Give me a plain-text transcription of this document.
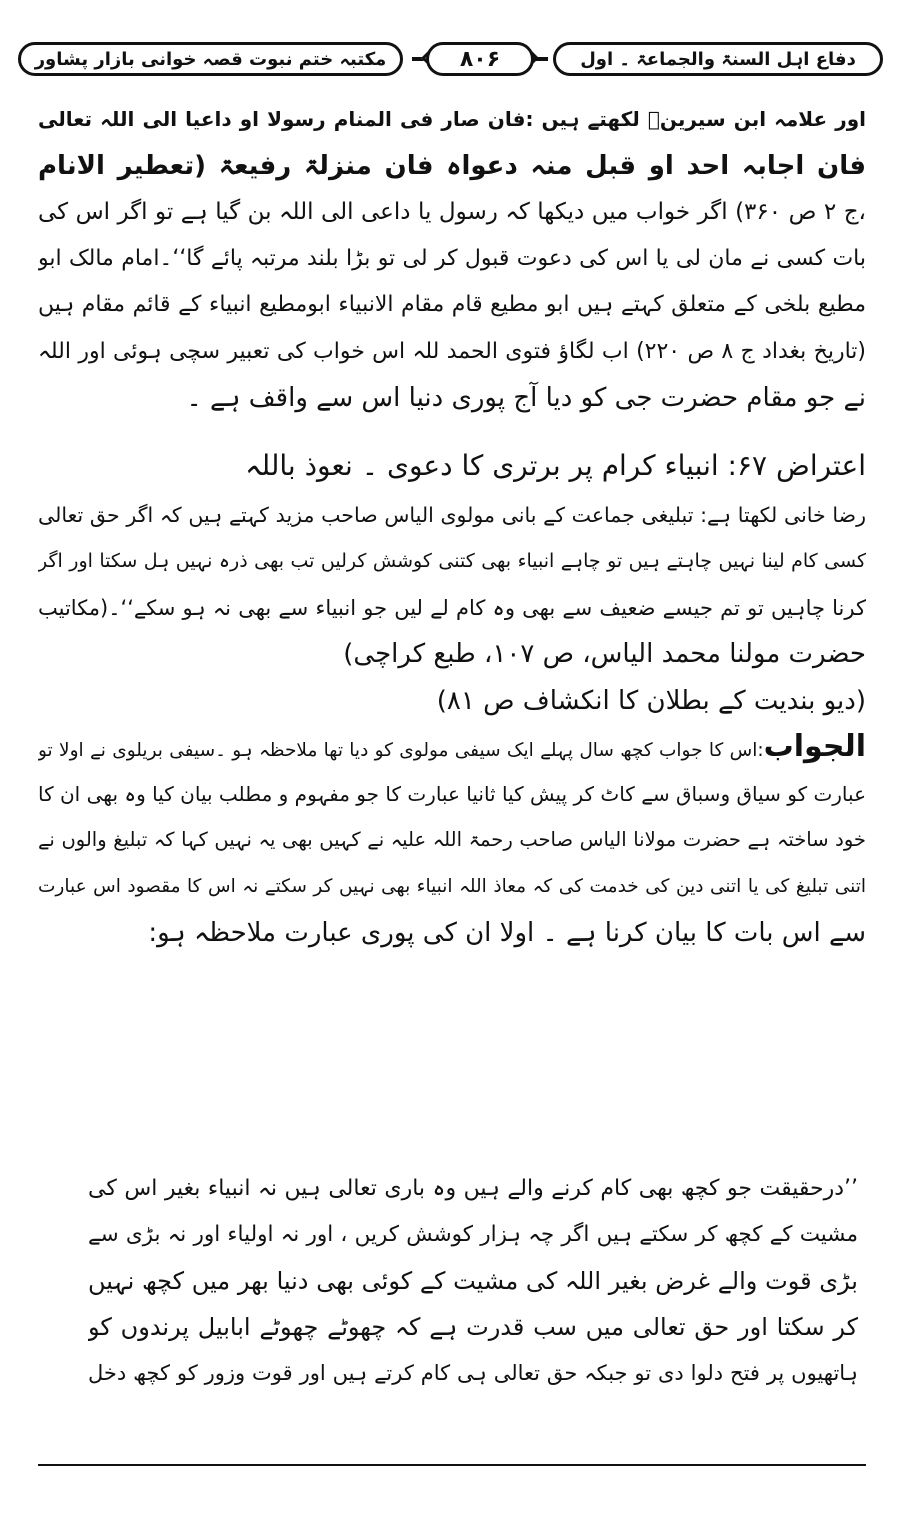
مکتبہ ختم نبوت قصہ خوانی بازار پشاور	۸۰۶	دفاع اہل السنۃ والجماعۃ ۔ اول
اور علامہ ابن سیرینؒ لکھتے ہیں :فان صار فی المنام رسولا او داعیا الی اللہ تعالی
فان اجابہ احد او قبل منہ دعواہ فان منزلۃ رفیعۃ (تعطیر الانام
،ج ۲ ص ۳۶۰) اگر خواب میں دیکھا کہ رسول یا داعی الی اللہ بن گیا ہے تو اگر اس کی
بات کسی نے مان لی یا اس کی دعوت قبول کر لی تو بڑا بلند مرتبہ پائے گا‘‘۔امام مالک ابو
مطیع بلخی کے متعلق کہتے ہیں ابو مطیع قام مقام الانبیاء ابومطیع انبیاء کے قائم مقام ہیں
(تاریخ بغداد ج ۸ ص ۲۲۰) اب لگاؤ فتوی الحمد للہ اس خواب کی تعبیر سچی ہوئی اور اللہ
نے جو مقام حضرت جی کو دیا آج پوری دنیا اس سے واقف ہے ۔
اعتراض ۶۷: انبیاء کرام پر برتری کا دعوی ۔ نعوذ باللہ
رضا خانی لکھتا ہے: تبلیغی جماعت کے بانی مولوی الیاس صاحب مزید کہتے ہیں کہ اگر حق تعالی
کسی کام لینا نہیں چاہتے ہیں تو چاہے انبیاء بھی کتنی کوشش کرلیں تب بھی ذرہ نہیں ہل سکتا اور اگر
کرنا چاہیں تو تم جیسے ضعیف سے بھی وہ کام لے لیں جو انبیاء سے بھی نہ ہو سکے‘‘۔(مکاتیب
حضرت مولنا محمد الیاس، ص ۱۰۷، طبع کراچی)
(دیو بندیت کے بطلان کا انکشاف ص ۸۱)
الجواب:اس کا جواب کچھ سال پہلے ایک سیفی مولوی کو دیا تھا ملاحظہ ہو ۔سیفی بریلوی نے اولا تو
عبارت کو سیاق وسباق سے کاٹ کر پیش کیا ثانیا عبارت کا جو مفہوم و مطلب بیان کیا وہ بھی ان کا
خود ساختہ ہے حضرت مولانا الیاس صاحب رحمۃ اللہ علیہ نے کہیں بھی یہ نہیں کہا کہ تبلیغ والوں نے
اتنی تبلیغ کی یا اتنی دین کی خدمت کی کہ معاذ اللہ انبیاء بھی نہیں کر سکتے نہ اس کا مقصود اس عبارت
سے اس بات کا بیان کرنا ہے ۔ اولا ان کی پوری عبارت ملاحظہ ہو:
’’درحقیقت جو کچھ بھی کام کرنے والے ہیں وہ باری تعالی ہیں نہ انبیاء بغیر اس کی
مشیت کے کچھ کر سکتے ہیں اگر چہ ہزار کوشش کریں ، اور نہ اولیاء اور نہ بڑی سے
بڑی قوت والے غرض بغیر اللہ کی مشیت کے کوئی بھی دنیا بھر میں کچھ نہیں
کر سکتا اور حق تعالی میں سب قدرت ہے کہ چھوٹے چھوٹے ابابیل پرندوں کو
ہاتھیوں پر فتح دلوا دی تو جبکہ حق تعالی ہی کام کرتے ہیں اور قوت وزور کو کچھ دخل
